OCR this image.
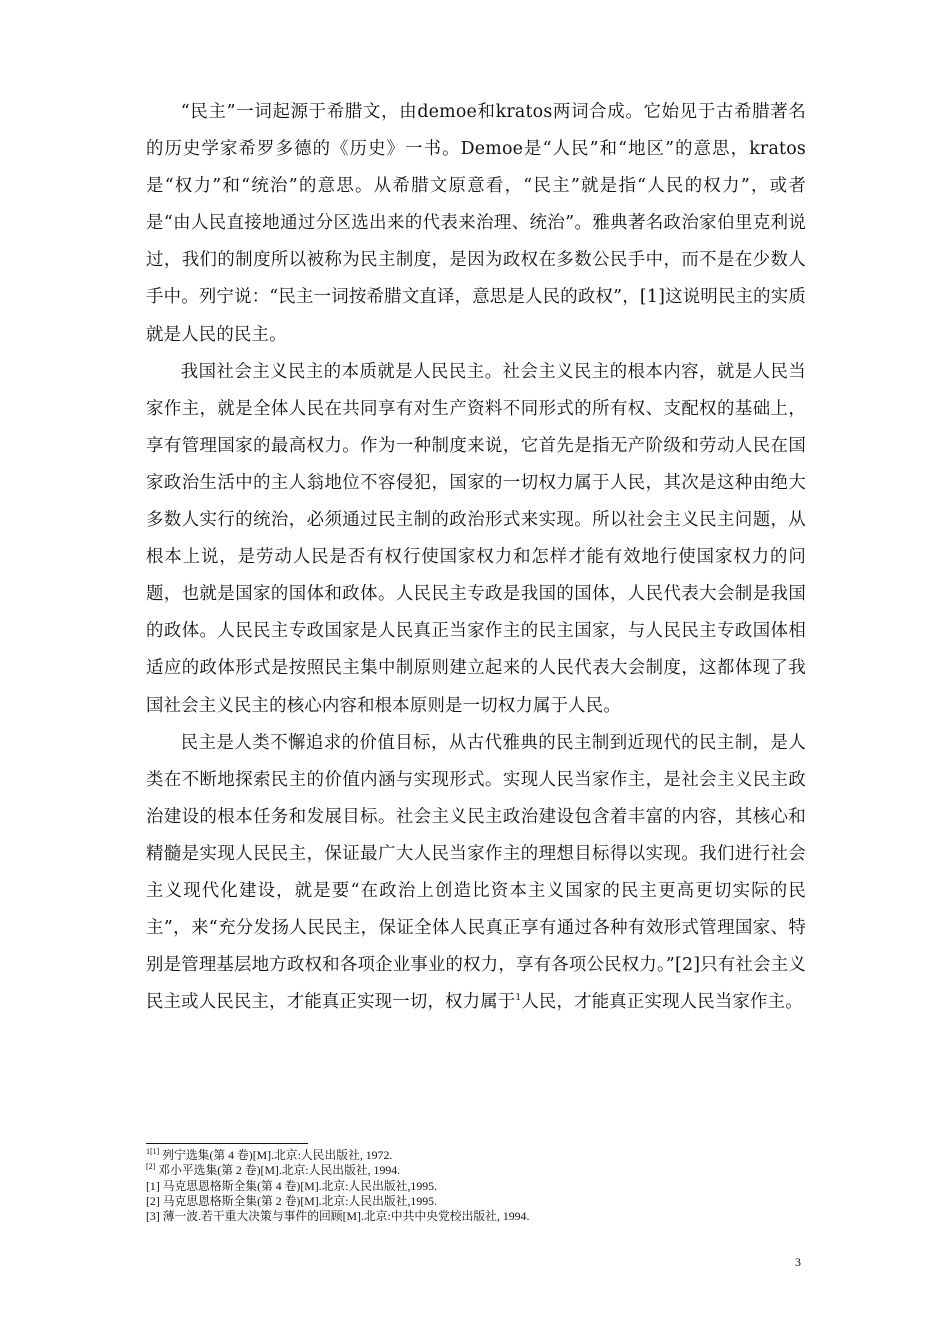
“民主”一词起源于希腊文，由demoe和kratos两词合成。它始见于古希腊著名的历史学家希罗多德的《历史》一书。Demoe是“人民”和“地区”的意思，kratos是“权力”和“统治”的意思。从希腊文原意看，“民主”就是指“人民的权力”，或者是“由人民直接地通过分区选出来的代表来治理、统治”。雅典著名政治家伯里克利说过，我们的制度所以被称为民主制度，是因为政权在多数公民手中，而不是在少数人手中。列宁说：“民主一词按希腊文直译，意思是人民的政权”，[1]这说明民主的实质就是人民的民主。

我国社会主义民主的本质就是人民民主。社会主义民主的根本内容，就是人民当家作主，就是全体人民在共同享有对生产资料不同形式的所有权、支配权的基础上，享有管理国家的最高权力。作为一种制度来说，它首先是指无产阶级和劳动人民在国家政治生活中的主人翁地位不容侵犯，国家的一切权力属于人民，其次是这种由绝大多数人实行的统治，必须通过民主制的政治形式来实现。所以社会主义民主问题，从根本上说，是劳动人民是否有权行使国家权力和怎样才能有效地行使国家权力的问题，也就是国家的国体和政体。人民民主专政是我国的国体，人民代表大会制是我国的政体。人民民主专政国家是人民真正当家作主的民主国家，与人民民主专政国体相适应的政体形式是按照民主集中制原则建立起来的人民代表大会制度，这都体现了我国社会主义民主的核心内容和根本原则是一切权力属于人民。

民主是人类不懈追求的价值目标，从古代雅典的民主制到近现代的民主制，是人类在不断地探索民主的价值内涵与实现形式。实现人民当家作主，是社会主义民主政治建设的根本任务和发展目标。社会主义民主政治建设包含着丰富的内容，其核心和精髓是实现人民民主，保证最广大人民当家作主的理想目标得以实现。我们进行社会主义现代化建设，就是要“在政治上创造比资本主义国家的民主更高更切实际的民主”，来“充分发扬人民民主，保证全体人民真正享有通过各种有效形式管理国家、特别是管理基层地方政权和各项企业事业的权力，享有各项公民权力。”[2]只有社会主义民主或人民民主，才能真正实现一切，权力属于$^1$人民，才能真正实现人民当家作主。

$^{1[1]}$ 列宁选集(第 4 卷)[M].北京:人民出版社, 1972.

[2] 邓小平选集(第 2 卷)[M].北京:人民出版社, 1994.

[1] 马克思恩格斯全集(第 4 卷)[M].北京:人民出版社,1995.

[2] 马克思恩格斯全集(第 2 卷)[M].北京:人民出版社,1995.

[3] 薄一波.若干重大决策与事件的回顾[M].北京:中共中央党校出版社, 1994.

3
